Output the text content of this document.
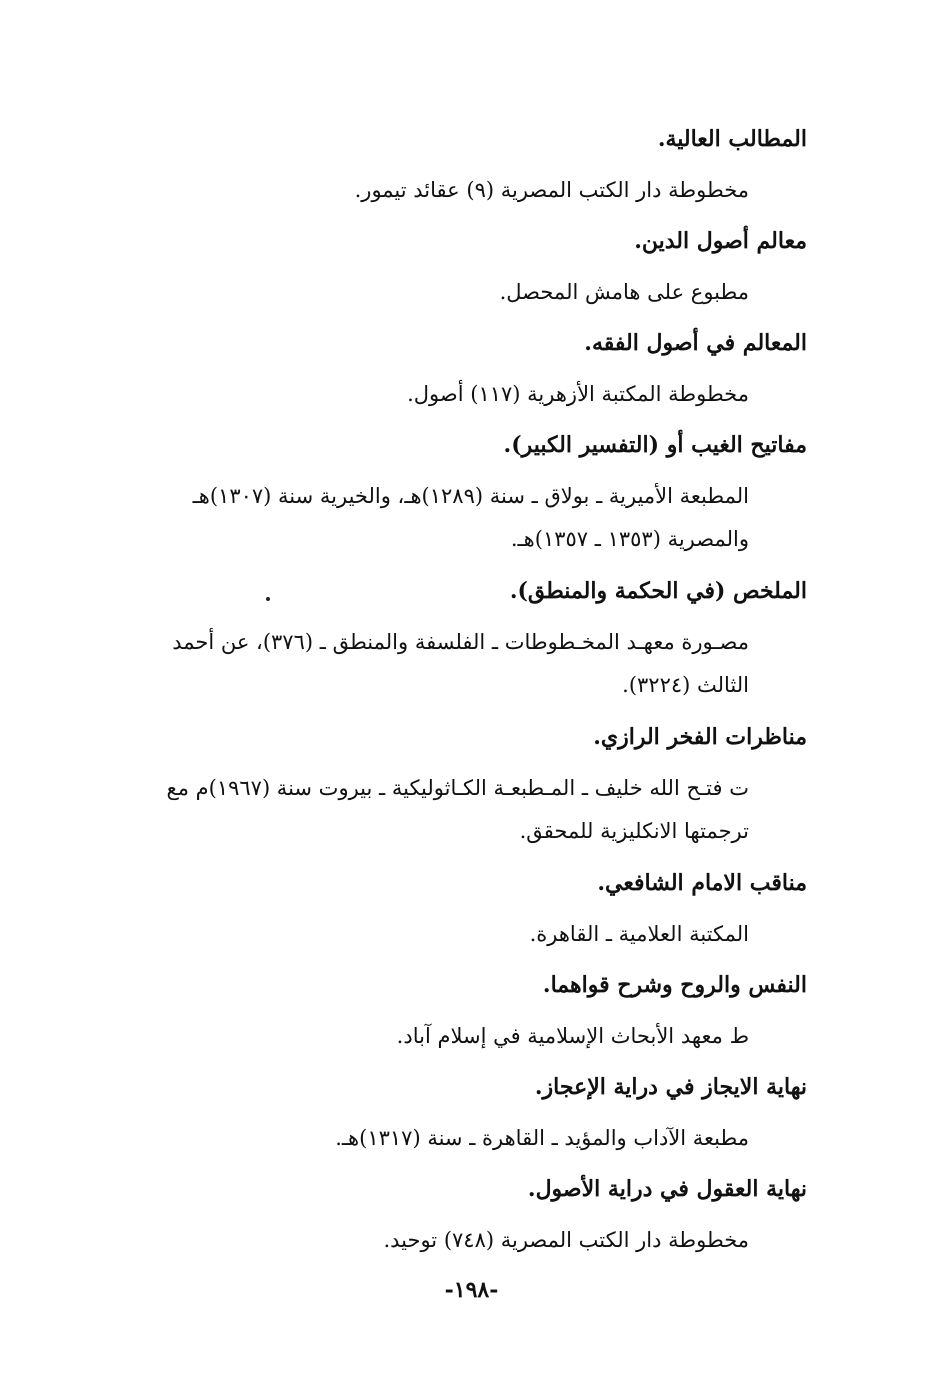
المطالب العالية.
مخطوطة دار الكتب المصرية (٩) عقائد تيمور.
معالم أصول الدين.
مطبوع على هامش المحصل.
المعالم في أصول الفقه.
مخطوطة المكتبة الأزهرية (١١٧) أصول.
مفاتيح الغيب أو (التفسير الكبير).
المطبعة الأميرية ـ بولاق ـ سنة (١٢٨٩)هـ، والخيرية سنة (١٣٠٧)هـ
والمصرية (١٣٥٣ ـ ١٣٥٧)هـ.
الملخص (في الحكمة والمنطق).
مصـورة معهـد المخـطوطات ـ الفلسفة والمنطق ـ (٣٧٦)، عن أحمد
الثالث (٣٢٢٤).
مناظرات الفخر الرازي.
ت فتـح الله خليف ـ المـطبعـة الكـاثوليكية ـ بيروت سنة (١٩٦٧)م مع
ترجمتها الانكليزية للمحقق.
مناقب الامام الشافعي.
المكتبة العلامية ـ القاهرة.
النفس والروح وشرح قواهما.
ط معهد الأبحاث الإسلامية في إسلام آباد.
نهاية الايجاز في دراية الإعجاز.
مطبعة الآداب والمؤيد ـ القاهرة ـ سنة (١٣١٧)هـ.
نهاية العقول في دراية الأصول.
مخطوطة دار الكتب المصرية (٧٤٨) توحيد.
-١٩٨-
